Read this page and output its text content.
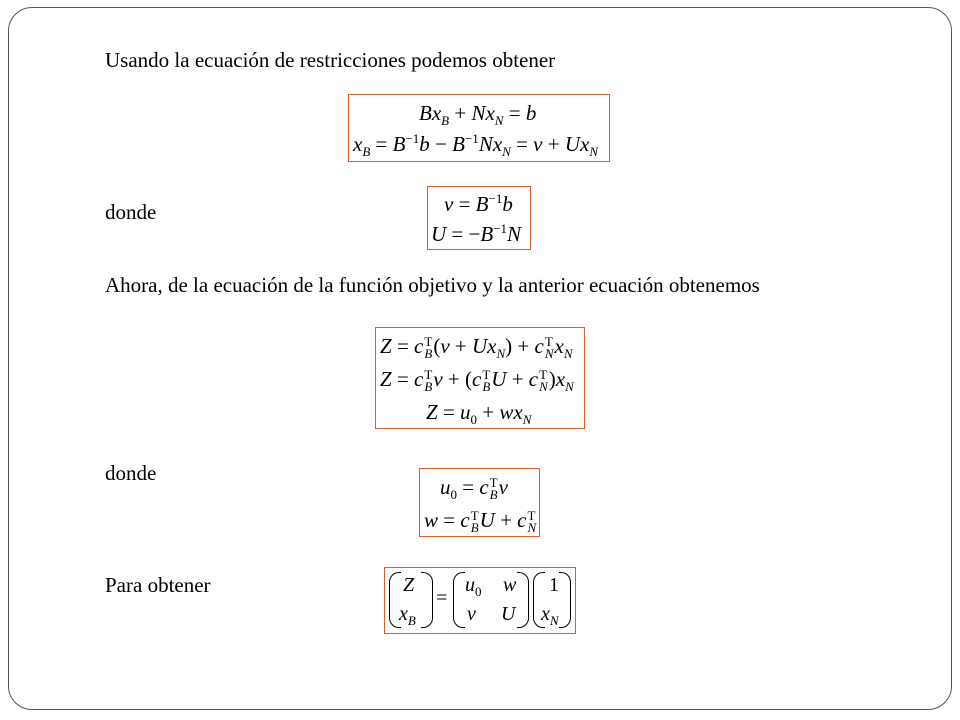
Usando la ecuación de restricciones podemos obtener
donde
Ahora, de la ecuación de la función objetivo y la anterior ecuación obtenemos
donde
Para obtener
$Bx_B + Nx_N = b$
$x_B = B^{-1}b - B^{-1}Nx_N = v + Ux_N$
$v = B^{-1}b$
$U = -B^{-1}N$
Z = c T
B $(v + Ux_N) + c$ T
N $x_N$
Z = c T
B v + (c T
B U + c T
N )$x_N$
$Z = u_0 + wx_N$
$u_0 = c$ T
B v
w = c T
B U + c T
N
Z
$x_B$
=
$u_0$ w
v U
1
$x_N$
